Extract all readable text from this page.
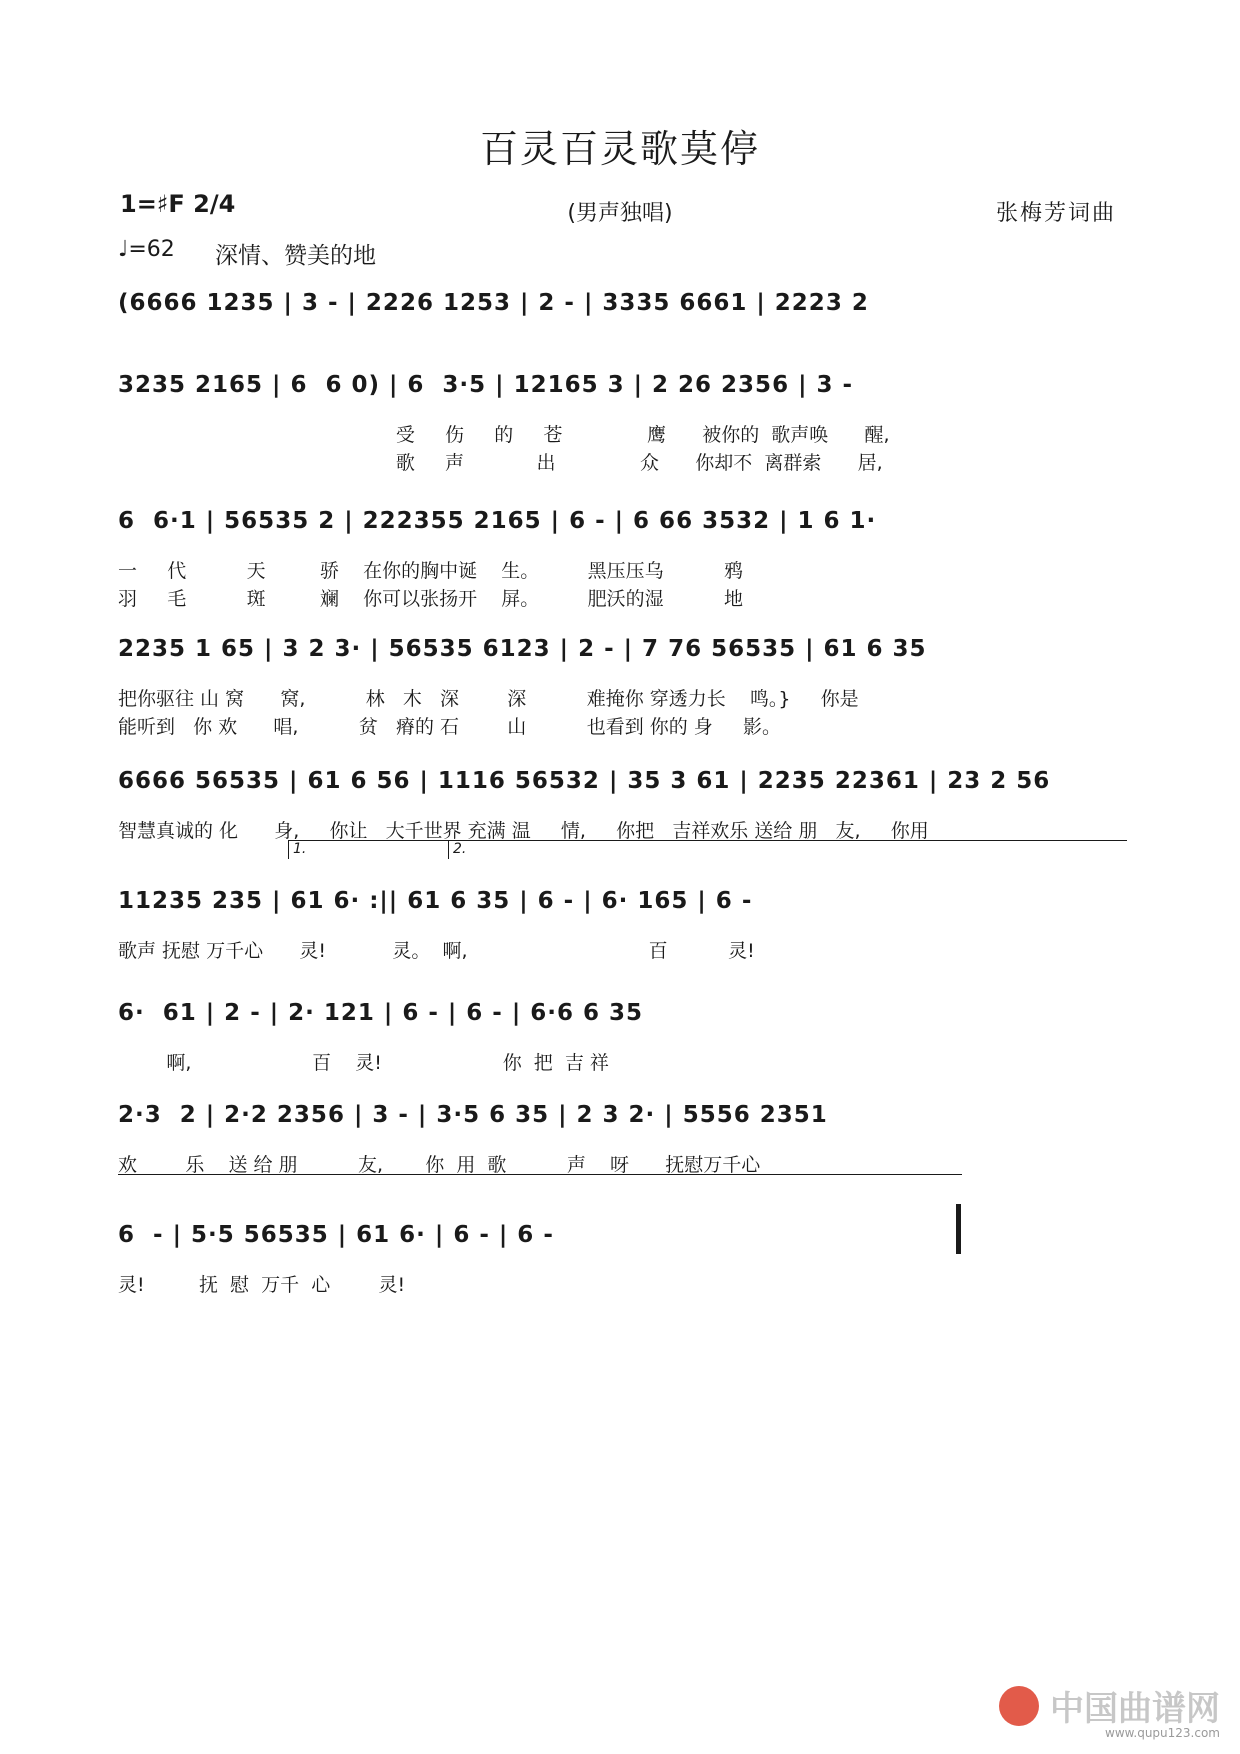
百灵百灵歌莫停
1=♯F 2/4	(男声独唱)	张梅芳词曲
♩=62 深情、赞美的地
(6666 1235 | 3 - | 2226 1253 | 2 - | 3335 6661 | 2223 2
3235 2165 | 6  6 0) | 6  3·5 | 12165 3 | 2 26 2356 | 3 -
受     伤     的     苍              鹰      被你的  歌声唤      醒,
歌     声            出              众      你却不  离群索      居,
6  6·1 | 56535 2 | 222355 2165 | 6 - | 6 66 3532 | 1 6 1·
一     代          天         骄    在你的胸中诞    生。        黑压压乌          鸦
羽     毛          斑         斓    你可以张扬开    屏。        肥沃的湿          地
2235 1 65 | 3 2 3· | 56535 6123 | 2 - | 7 76 56535 | 61 6 35
把你驱往 山 窝      窝,          林   木   深        深          难掩你 穿透力长    鸣。}     你是
能听到   你 欢      唱,          贫   瘠的 石        山          也看到 你的 身     影。
6666 56535 | 61 6 56 | 1116 56532 | 35 3 61 | 2235 22361 | 23 2 56
智慧真诚的 化      身,     你让   大千世界 充满 温     情,     你把   吉祥欢乐 送给 朋   友,     你用
1.	2.
11235 235 | 61 6· :|| 61 6 35 | 6 - | 6· 165 | 6 -
歌声 抚慰 万千心      灵!           灵。  啊,                              百          灵!
6·  61 | 2 - | 2· 121 | 6 - | 6 - | 6·6 6 35
啊,                    百    灵!                    你  把  吉 祥
2·3  2 | 2·2 2356 | 3 - | 3·5 6 35 | 2 3 2· | 5556 2351
欢        乐    送 给 朋          友,       你  用  歌          声    呀      抚慰万千心
6  - | 5·5 56535 | 61 6· | 6 - | 6 -
灵!         抚  慰  万千  心        灵!
中国曲谱网
www.qupu123.com
